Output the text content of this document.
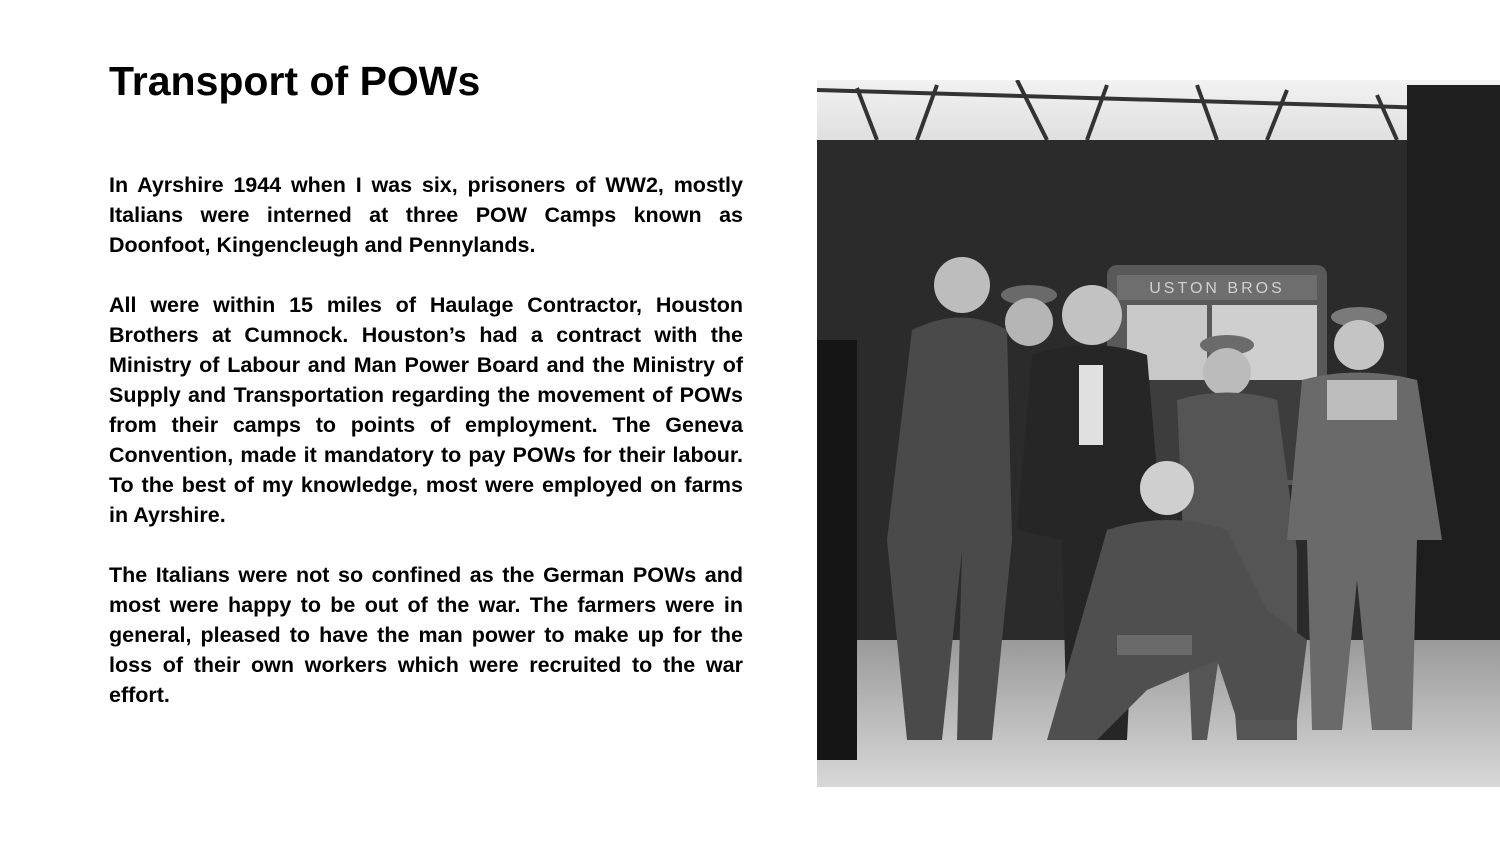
Transport of POWs

In Ayrshire 1944 when I was six, prisoners of WW2, mostly Italians were interned at three POW Camps known as Doonfoot, Kingencleugh and Pennylands.

All were within 15 miles of Haulage Contractor, Houston Brothers at Cumnock. Houston’s had a contract with the Ministry of Labour and Man Power Board and the Ministry of Supply and Transportation regarding the movement of POWs from their camps to points of employment. The Geneva Convention, made it mandatory to pay POWs for their labour. To the best of my knowledge, most were employed on farms in Ayrshire.

The Italians were not so confined as the German POWs and most were happy to be out of the war. The farmers were in general, pleased to have the man power to make up for the loss of their own workers which were recruited to the war effort.

USTON BROS
